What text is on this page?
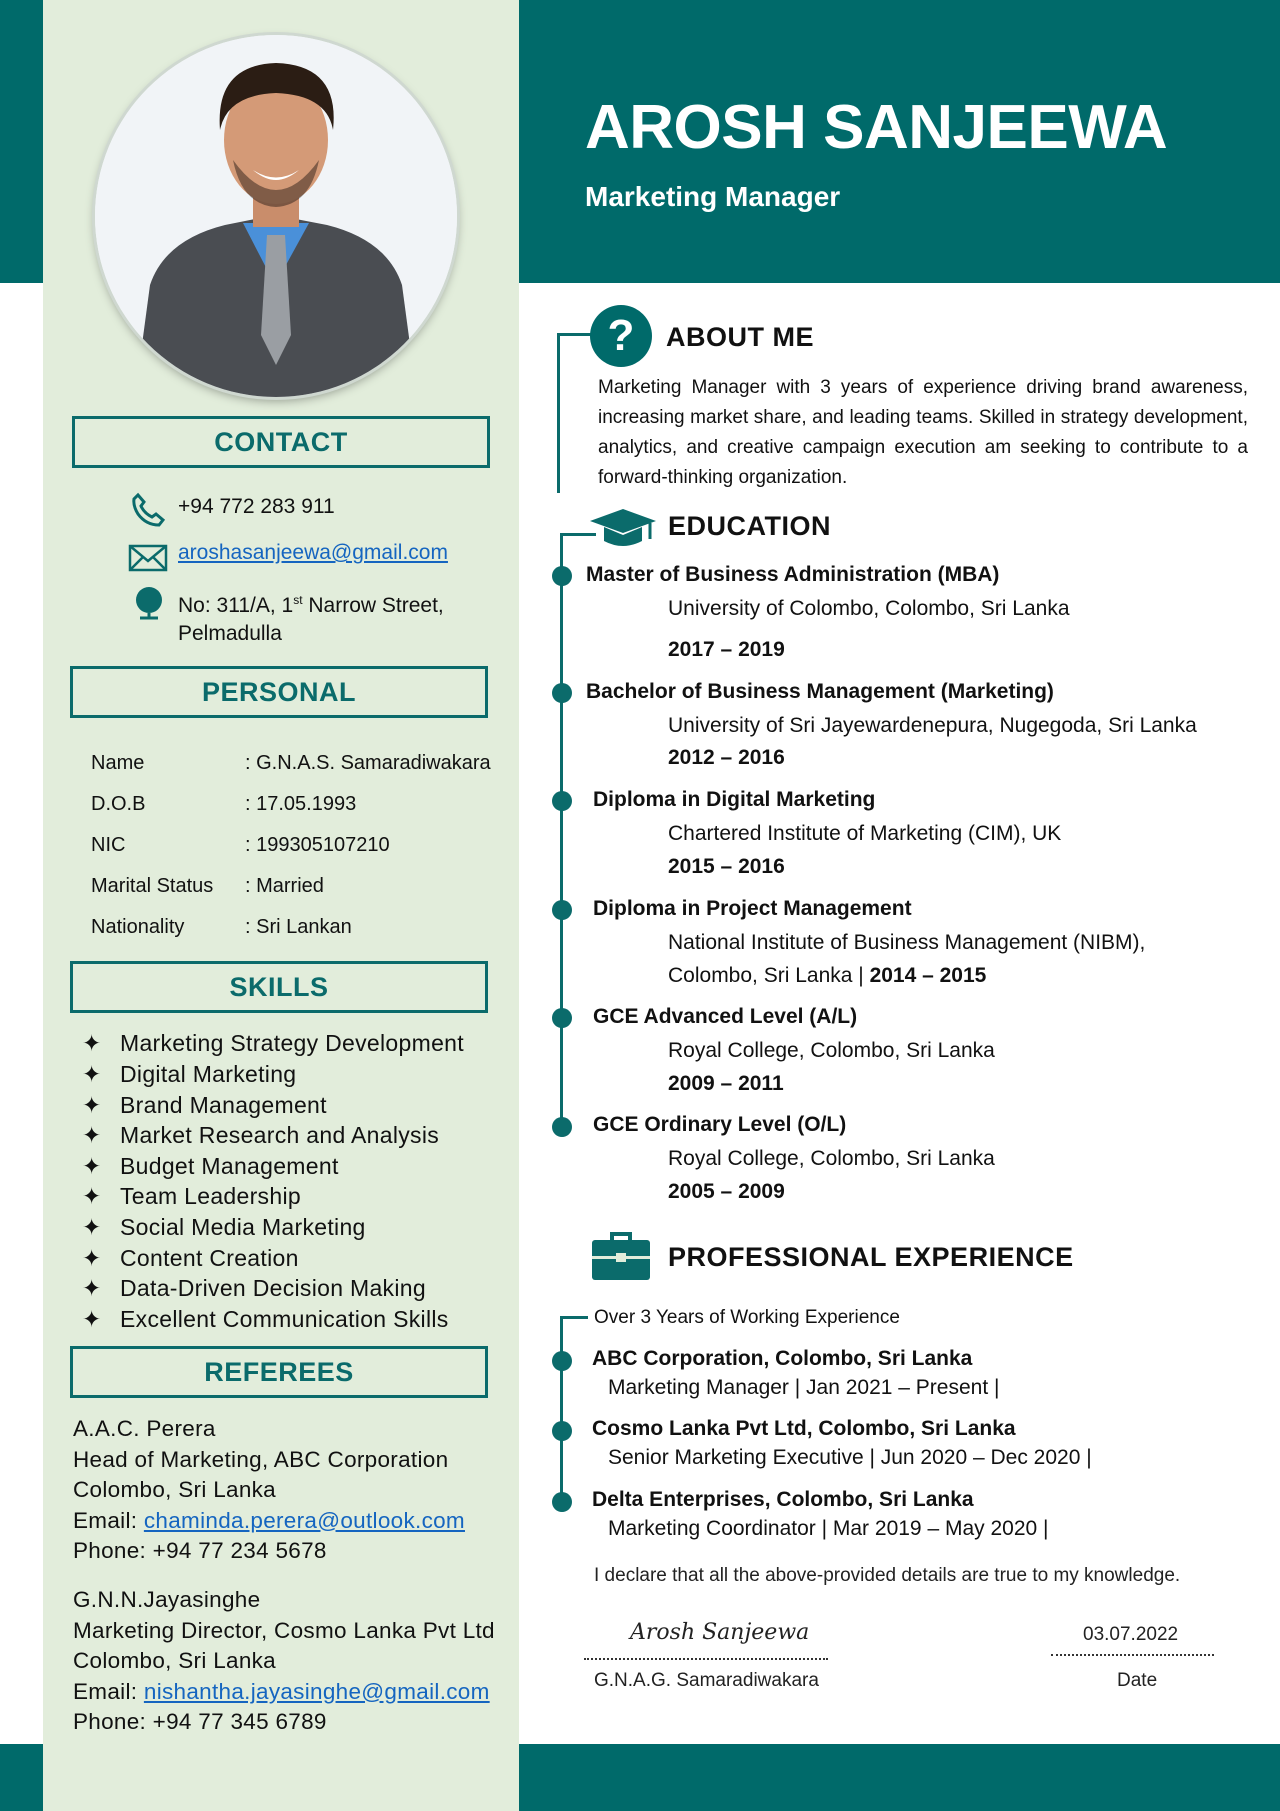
CONTACT
+94 772 283 911
aroshasanjeewa@gmail.com
No: 311/A, 1st Narrow Street,
Pelmadulla
PERSONAL
Name	: G.N.A.S. Samaradiwakara
D.O.B	: 17.05.1993
NIC	: 199305107210
Marital Status : Married
Nationality	: Sri Lankan
SKILLS
✦ Marketing Strategy Development
✦ Digital Marketing
✦ Brand Management
✦ Market Research and Analysis
✦ Budget Management
✦ Team Leadership
✦ Social Media Marketing
✦ Content Creation
✦ Data-Driven Decision Making
✦ Excellent Communication Skills
REFEREES
A.A.C. Perera
Head of Marketing, ABC Corporation
Colombo, Sri Lanka
Email: chaminda.perera@outlook.com
Phone: +94 77 234 5678
G.N.N.Jayasinghe
Marketing Director, Cosmo Lanka Pvt Ltd
Colombo, Sri Lanka
Email: nishantha.jayasinghe@gmail.com
Phone: +94 77 345 6789
AROSH SANJEEWA
Marketing Manager
?	ABOUT ME
Marketing Manager with 3 years of experience driving brand awareness, increasing market share, and leading teams. Skilled in strategy development, analytics, and creative campaign execution am seeking to contribute to a forward-thinking organization.
EDUCATION
Master of Business Administration (MBA)
University of Colombo, Colombo, Sri Lanka
2017 – 2019
Bachelor of Business Management (Marketing)
University of Sri Jayewardenepura, Nugegoda, Sri Lanka
2012 – 2016
Diploma in Digital Marketing
Chartered Institute of Marketing (CIM), UK
2015 – 2016
Diploma in Project Management
National Institute of Business Management (NIBM),
Colombo, Sri Lanka | 2014 – 2015
GCE Advanced Level (A/L)
Royal College, Colombo, Sri Lanka
2009 – 2011
GCE Ordinary Level (O/L)
Royal College, Colombo, Sri Lanka
2005 – 2009
PROFESSIONAL EXPERIENCE
Over 3 Years of Working Experience
ABC Corporation, Colombo, Sri Lanka
Marketing Manager | Jan 2021 – Present |
Cosmo Lanka Pvt Ltd, Colombo, Sri Lanka
Senior Marketing Executive | Jun 2020 – Dec 2020 |
Delta Enterprises, Colombo, Sri Lanka
Marketing Coordinator | Mar 2019 – May 2020 |
I declare that all the above-provided details are true to my knowledge.
Arosh Sanjeewa
G.N.A.G. Samaradiwakara
03.07.2022
Date
